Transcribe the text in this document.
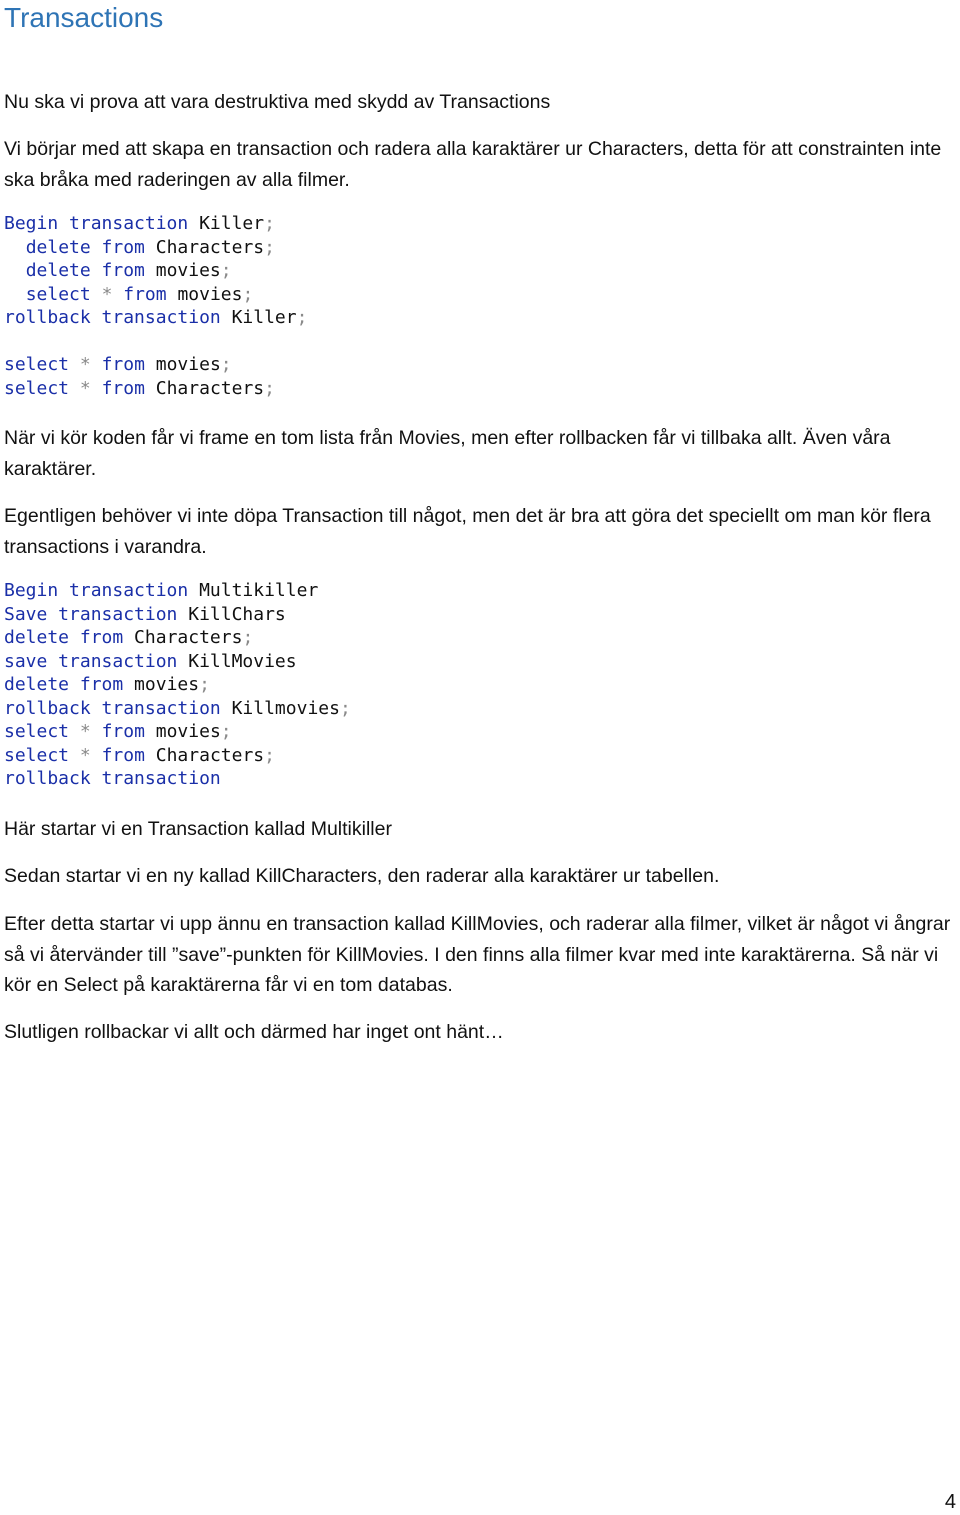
Transactions

Nu ska vi prova att vara destruktiva med skydd av Transactions

Vi börjar med att skapa en transaction och radera alla karaktärer ur Characters, detta för att constrainten inte ska bråka med raderingen av alla filmer.

Begin transaction Killer;
delete from Characters;
delete from movies;
select * from movies;
rollback transaction Killer;
select * from movies;
select * from Characters;

När vi kör koden får vi frame en tom lista från Movies, men efter rollbacken får vi tillbaka allt. Även våra karaktärer.

Egentligen behöver vi inte döpa Transaction till något, men det är bra att göra det speciellt om man kör flera transactions i varandra.

Begin transaction Multikiller
Save transaction KillChars
delete from Characters;
save transaction KillMovies
delete from movies;
rollback transaction Killmovies;
select * from movies;
select * from Characters;
rollback transaction

Här startar vi en Transaction kallad Multikiller

Sedan startar vi en ny kallad KillCharacters, den raderar alla karaktärer ur tabellen.

Efter detta startar vi upp ännu en transaction kallad KillMovies, och raderar alla filmer, vilket är något vi ångrar så vi återvänder till ”save”-punkten för KillMovies. I den finns alla filmer kvar med inte karaktärerna. Så när vi kör en Select på karaktärerna får vi en tom databas.

Slutligen rollbackar vi allt och därmed har inget ont hänt…

4
